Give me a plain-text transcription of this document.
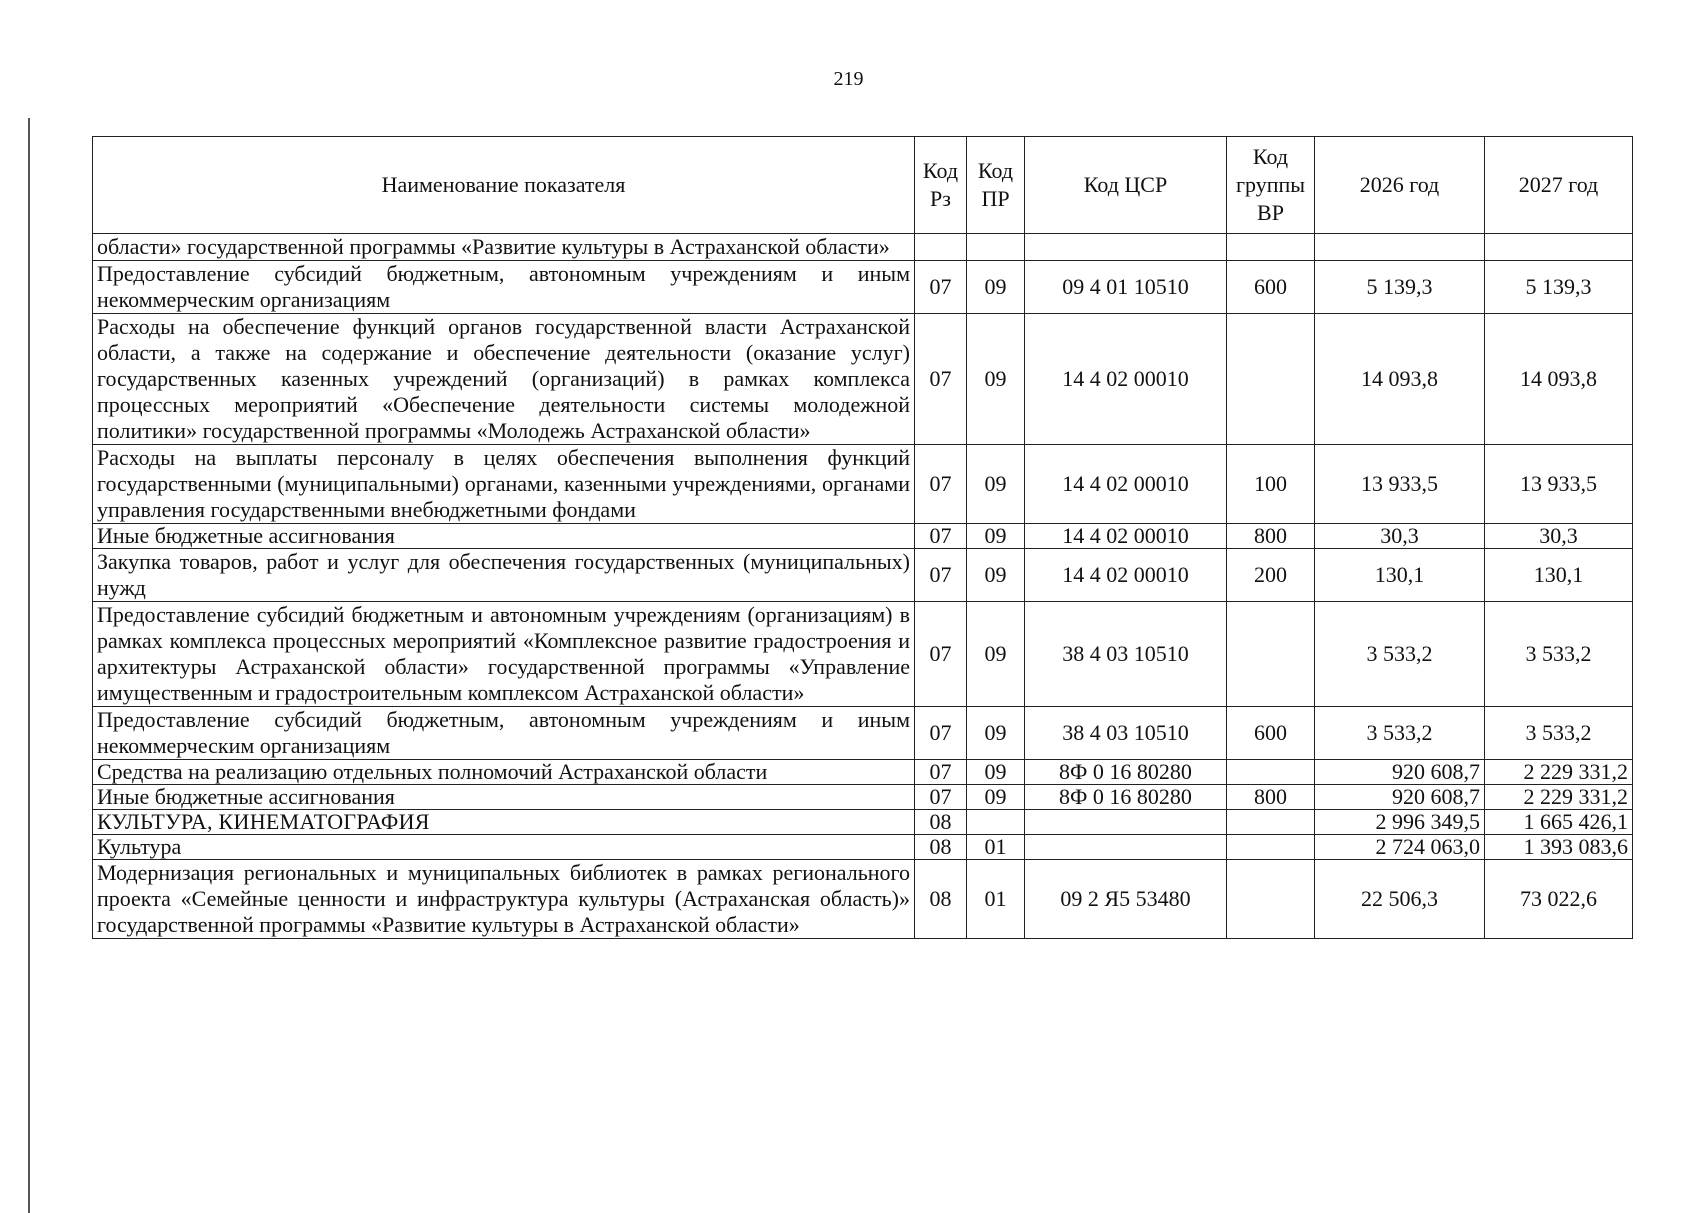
219
Наименование показателя	Код Рз	Код ПР	Код ЦСР	Код группы ВР	2026 год	2027 год
области» государственной программы «Развитие культуры в Астраханской области»						
Предоставление субсидий бюджетным, автономным учреждениям и иным некоммерческим организациям	07	09	09 4 01 10510	600	5 139,3	5 139,3
Расходы на обеспечение функций органов государственной власти Астраханской области, а также на содержание и обеспечение деятельности (оказание услуг) государственных казенных учреждений (организаций) в рамках комплекса процессных мероприятий «Обеспечение деятельности системы молодежной политики» государственной программы «Молодежь Астраханской области»	07	09	14 4 02 00010		14 093,8	14 093,8
Расходы на выплаты персоналу в целях обеспечения выполнения функций государственными (муниципальными) органами, казенными учреждениями, органами управления государственными внебюджетными фондами	07	09	14 4 02 00010	100	13 933,5	13 933,5
Иные бюджетные ассигнования	07	09	14 4 02 00010	800	30,3	30,3
Закупка товаров, работ и услуг для обеспечения государственных (муниципальных) нужд	07	09	14 4 02 00010	200	130,1	130,1
Предоставление субсидий бюджетным и автономным учреждениям (организациям) в рамках комплекса процессных мероприятий «Комплексное развитие градостроения и архитектуры Астраханской области» государственной программы «Управление имущественным и градостроительным комплексом Астраханской области»	07	09	38 4 03 10510		3 533,2	3 533,2
Предоставление субсидий бюджетным, автономным учреждениям и иным некоммерческим организациям	07	09	38 4 03 10510	600	3 533,2	3 533,2
Средства на реализацию отдельных полномочий Астраханской области	07	09	8Ф 0 16 80280		920 608,7	2 229 331,2
Иные бюджетные ассигнования	07	09	8Ф 0 16 80280	800	920 608,7	2 229 331,2
КУЛЬТУРА, КИНЕМАТОГРАФИЯ	08				2 996 349,5	1 665 426,1
Культура	08	01			2 724 063,0	1 393 083,6
Модернизация региональных и муниципальных библиотек в рамках регионального проекта «Семейные ценности и инфраструктура культуры (Астраханская область)» государственной программы «Развитие культуры в Астраханской области»	08	01	09 2 Я5 53480		22 506,3	73 022,6
